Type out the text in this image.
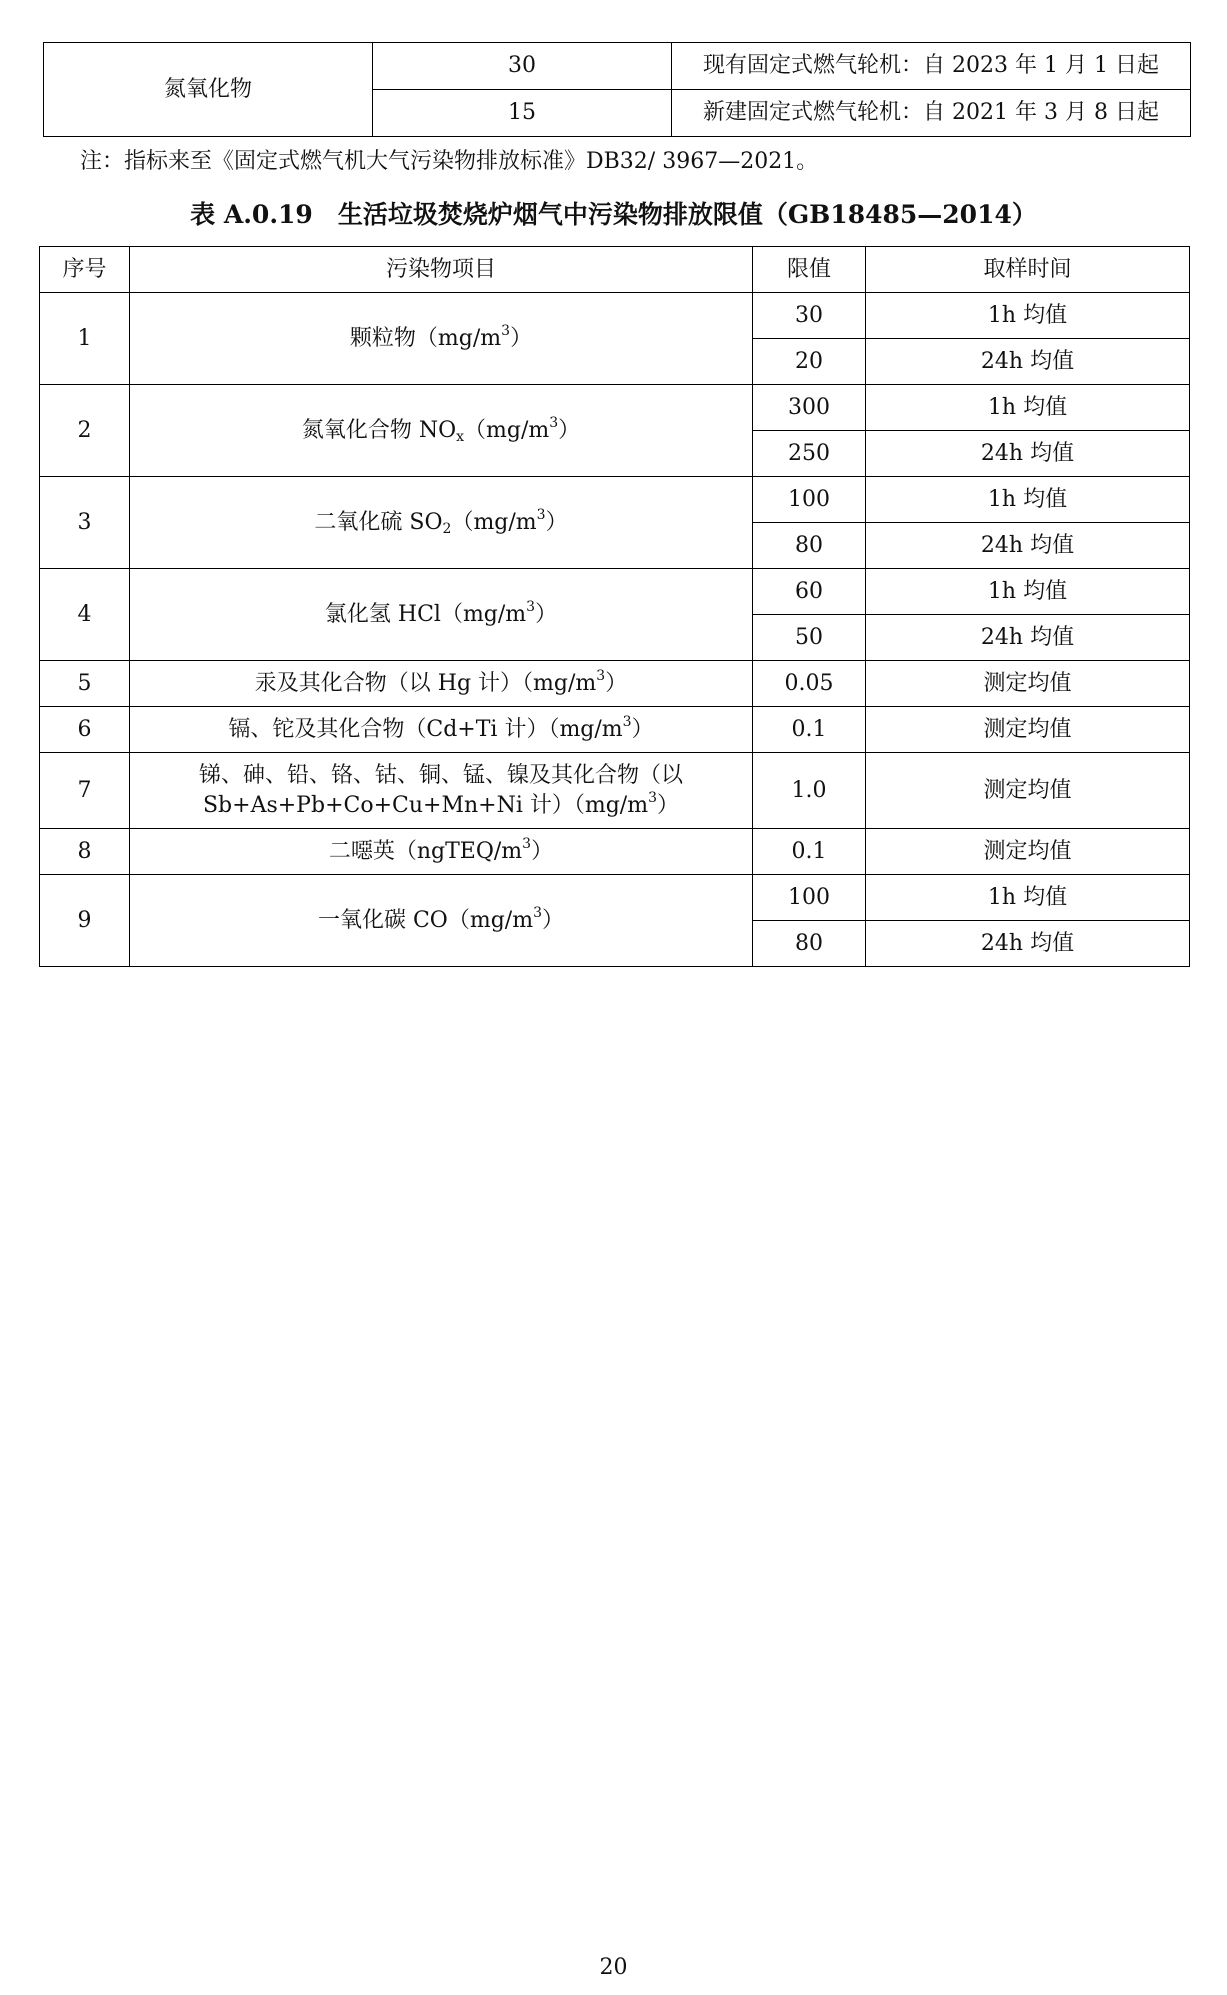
氮氧化物	30	现有固定式燃气轮机：自 2023 年 1 月 1 日起
	15	新建固定式燃气轮机：自 2021 年 3 月 8 日起
注：指标来至《固定式燃气机大气污染物排放标准》DB32/ 3967—2021。
表 A.0.19　生活垃圾焚烧炉烟气中污染物排放限值（GB18485—2014）
序号	污染物项目	限值	取样时间
1	颗粒物$(mg/m^3)$	30	1h 均值
		20	24h 均值
2	氮氧化合物 $NO_x(mg/m^3)$	300	1h 均值
		250	24h 均值
3	二氧化硫 $SO_2(mg/m^3)$	100	1h 均值
		80	24h 均值
4	氯化氢 $HCl(mg/m^3)$	60	1h 均值
		50	24h 均值
5	汞及其化合物（以 Hg 计）$(mg/m^3)$	0.05	测定均值
6	镉、铊及其化合物（Cd+Ti 计）$(mg/m^3)$	0.1	测定均值
7	锑、砷、铅、铬、钴、铜、锰、镍及其化合物（以
Sb+As+Pb+Co+Cu+Mn+Ni 计）$(mg/m^3)$	1.0	测定均值
8	二噁英$(ngTEQ/m^3)$	0.1	测定均值
9	一氧化碳 $CO(mg/m^3)$	100	1h 均值
		80	24h 均值
20
